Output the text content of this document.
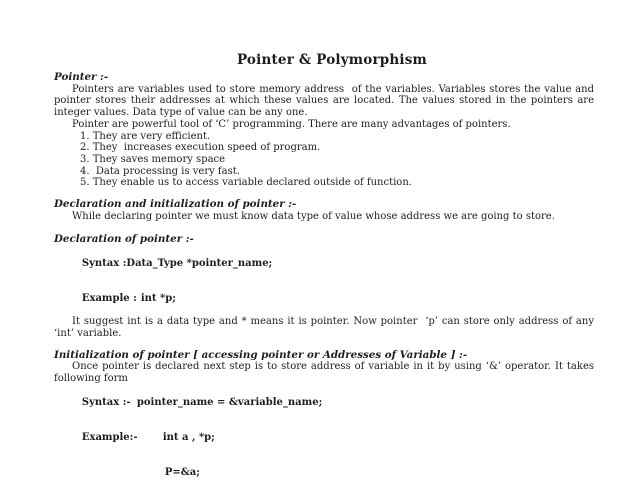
Pointer & Polymorphism
Pointer :-

Pointers are variables used to store memory address  of the variables. Variables stores the value and pointer stores their addresses at which these values are located. The values stored in the pointers are integer values. Data type of value can be any one.

Pointer are powerful tool of ‘C’ programming. There are many advantages of pointers.

1. They are very efficient.
2. They  increases execution speed of program.
3. They saves memory space
4.  Data processing is very fast.
5. They enable us to access variable declared outside of function.
Declaration and initialization of pointer :-

While declaring pointer we must know data type of value whose address we are going to store.

Declaration of pointer :-

Syntax :Data_Type *pointer_name;

Example : int *p;

It suggest int is a data type and * means it is pointer. Now pointer  ‘p’ can store only address of any ‘int’ variable.

Initialization of pointer [ accessing pointer or Addresses of Variable ] :-

Once pointer is declared next step is to store address of variable in it by using ‘&’ operator. It takes following form

Syntax :- pointer_name = &variable_name;

Example:-	int a , *p;

P=&a;
